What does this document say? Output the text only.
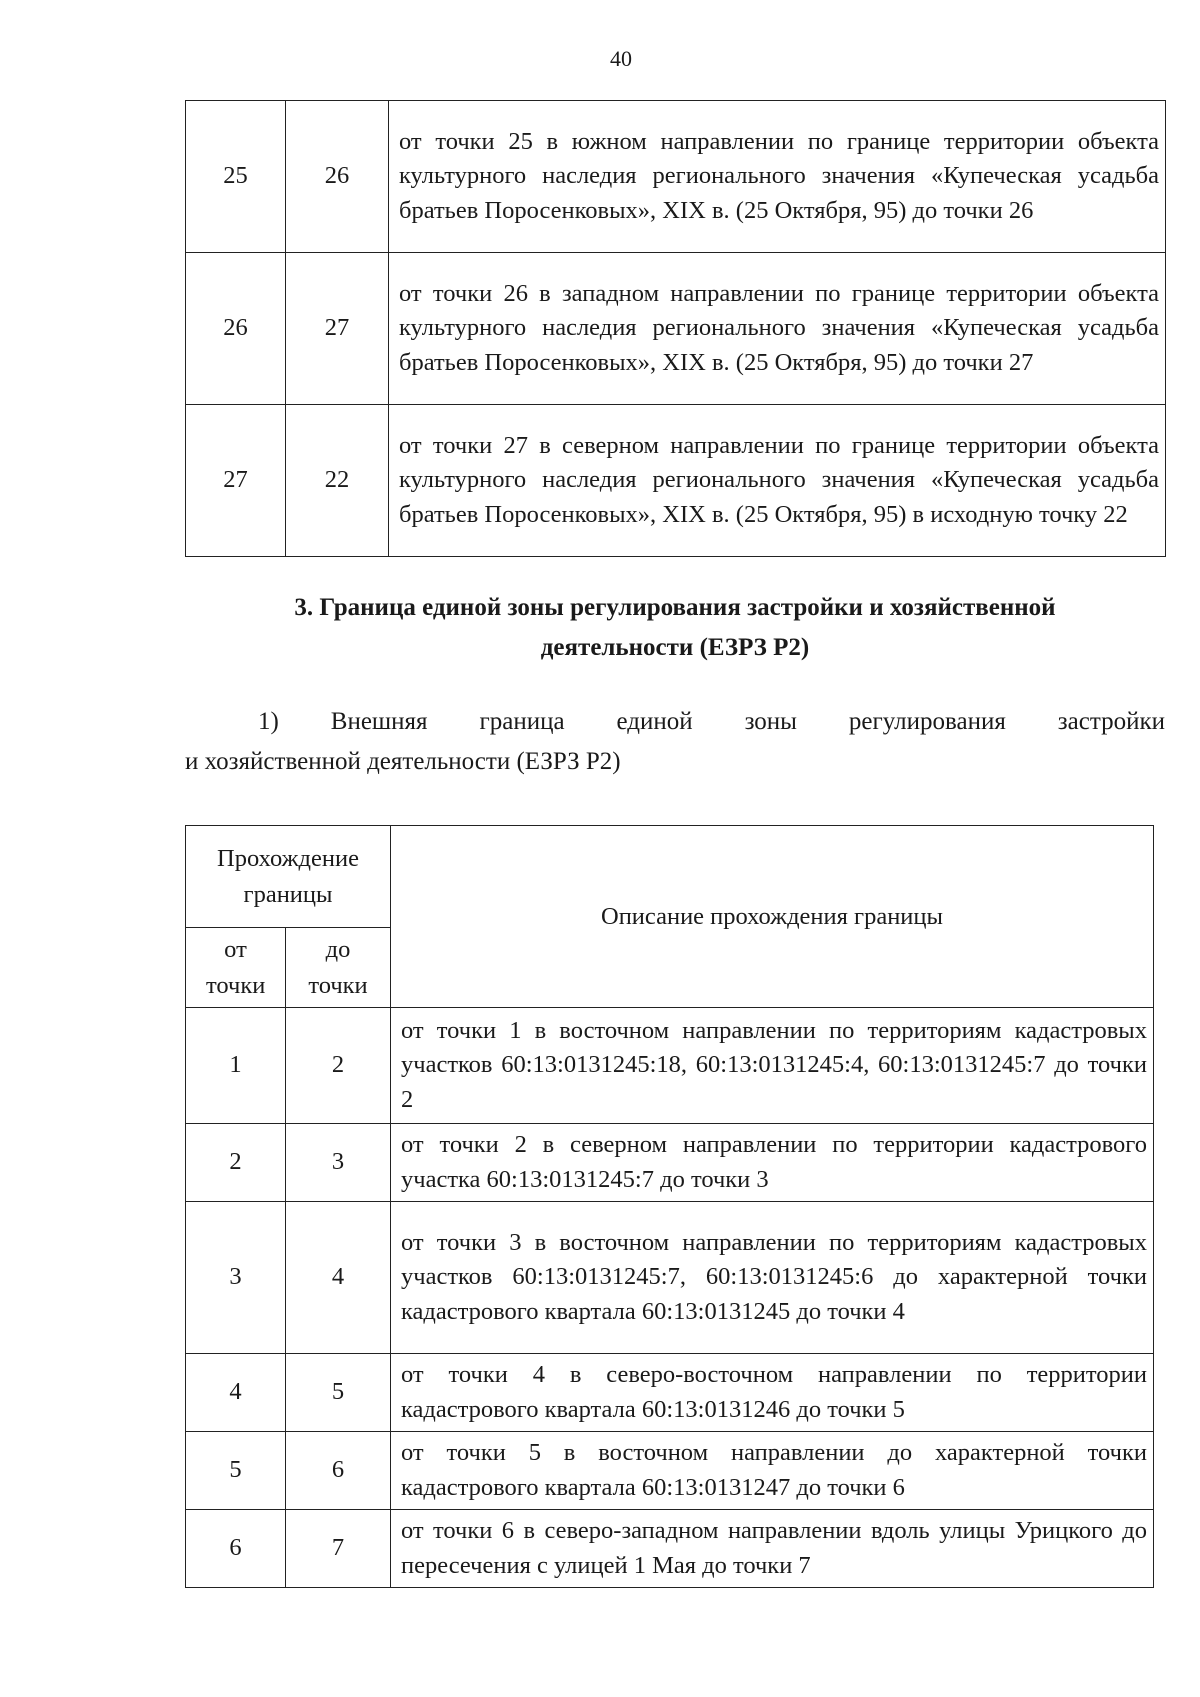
40
25	26	от точки 25 в южном направлении по границе территории объекта культурного наследия регионального значения «Купеческая усадьба братьев Поросенковых», XIX в. (25 Октября, 95) до точки 26
26	27	от точки 26 в западном направлении по границе территории объекта культурного наследия регионального значения «Купеческая усадьба братьев Поросенковых», XIX в. (25 Октября, 95) до точки 27
27	22	от точки 27 в северном направлении по границе территории объекта культурного наследия регионального значения «Купеческая усадьба братьев Поросенковых», XIX в. (25 Октября, 95) в исходную точку 22
3. Граница единой зоны регулирования застройки и хозяйственной
деятельности (ЕЗРЗ Р2)
1) Внешняя граница единой зоны регулирования застройки
и хозяйственной деятельности (ЕЗРЗ Р2)
Прохождение границы		Описание прохождения границы
от точки	до точки	
1	2	от точки 1 в восточном направлении по территориям кадастровых участков 60:13:0131245:18, 60:13:0131245:4, 60:13:0131245:7 до точки 2
2	3	от точки 2 в северном направлении по территории кадастрового участка 60:13:0131245:7 до точки 3
3	4	от точки 3 в восточном направлении по территориям кадастровых участков 60:13:0131245:7, 60:13:0131245:6 до характерной точки кадастрового квартала 60:13:0131245 до точки 4
4	5	от точки 4 в северо-восточном направлении по территории кадастрового квартала 60:13:0131246 до точки 5
5	6	от точки 5 в восточном направлении до характерной точки кадастрового квартала 60:13:0131247 до точки 6
6	7	от точки 6 в северо-западном направлении вдоль улицы Урицкого до пересечения с улицей 1 Мая до точки 7
